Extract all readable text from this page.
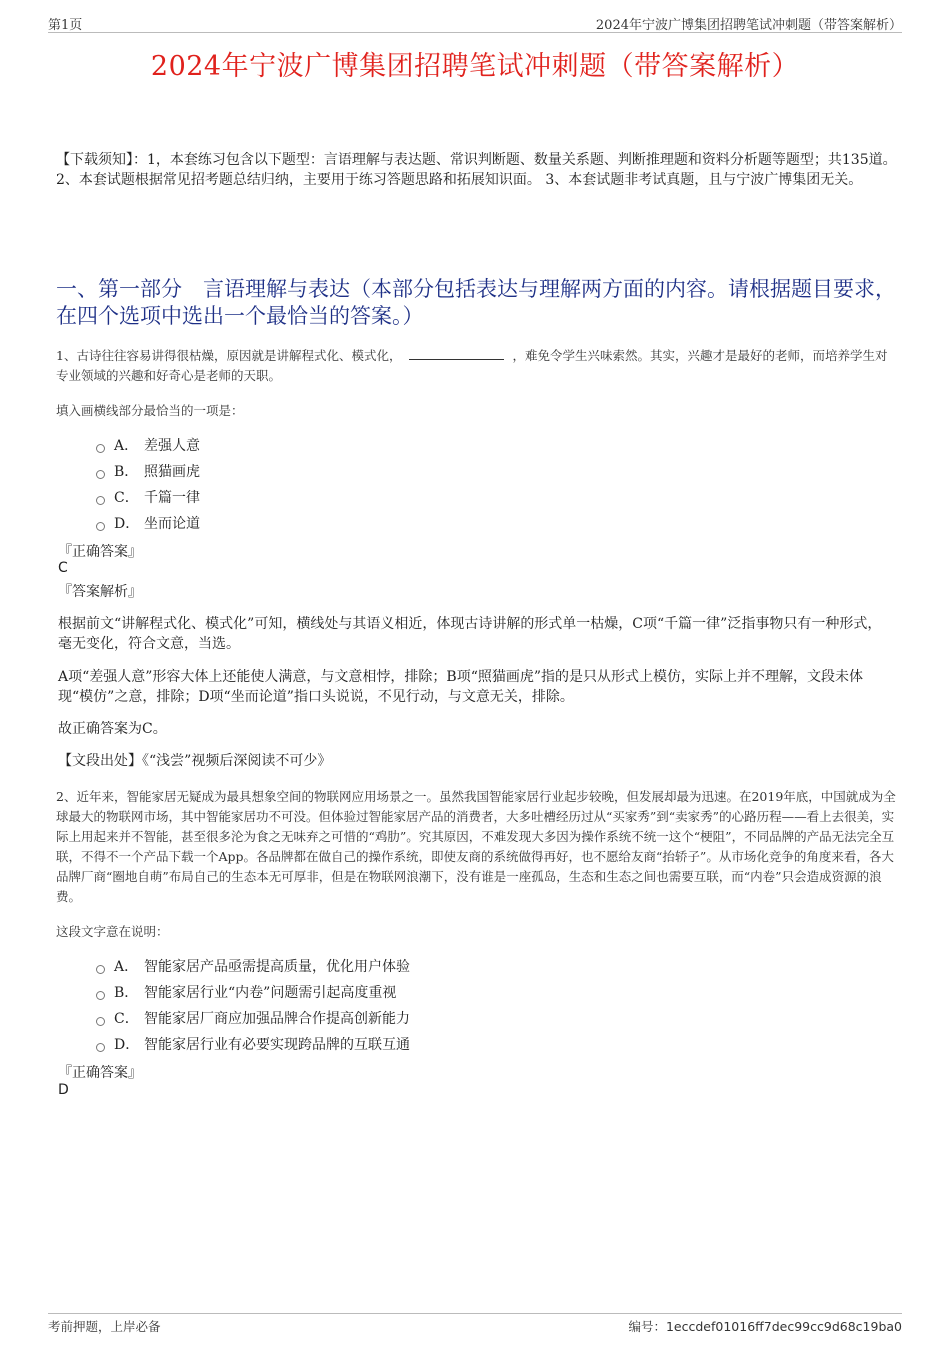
第1页	2024年宁波广博集团招聘笔试冲刺题（带答案解析）
2024年宁波广博集团招聘笔试冲刺题（带答案解析）
【下载须知】：1，本套练习包含以下题型：言语理解与表达题、常识判断题、数量关系题、判断推理题和资料分析题等题型；共135道。 2、本套试题根据常见招考题总结归纳，主要用于练习答题思路和拓展知识面。 3、本套试题非考试真题，且与宁波广博集团无关。
一、第一部分　言语理解与表达（本部分包括表达与理解两方面的内容。请根据题目要求，在四个选项中选出一个最恰当的答案。）
1、古诗往往容易讲得很枯燥，原因就是讲解程式化、模式化，	，难免令学生兴味索然。其实，兴趣才是最好的老师，而培养学生对专业领域的兴趣和好奇心是老师的天职。
填入画横线部分最恰当的一项是：
A． 差强人意
B． 照猫画虎
C． 千篇一律
D． 坐而论道
『正确答案』
C
『答案解析』
根据前文“讲解程式化、模式化”可知，横线处与其语义相近，体现古诗讲解的形式单一枯燥，C项“千篇一律”泛指事物只有一种形式，毫无变化，符合文意，当选。
A项“差强人意”形容大体上还能使人满意，与文意相悖，排除；B项“照猫画虎”指的是只从形式上模仿，实际上并不理解，文段未体现“模仿”之意，排除；D项“坐而论道”指口头说说，不见行动，与文意无关，排除。
故正确答案为C。
【文段出处】《“浅尝”视频后深阅读不可少》
2、近年来，智能家居无疑成为最具想象空间的物联网应用场景之一。虽然我国智能家居行业起步较晚，但发展却最为迅速。在2019年底，中国就成为全球最大的物联网市场，其中智能家居功不可没。但体验过智能家居产品的消费者，大多吐槽经历过从“买家秀”到“卖家秀”的心路历程——看上去很美，实际上用起来并不智能，甚至很多沦为食之无味弃之可惜的“鸡肋”。究其原因，不难发现大多因为操作系统不统一这个“梗阻”，不同品牌的产品无法完全互联，不得不一个产品下载一个App。各品牌都在做自己的操作系统，即使友商的系统做得再好，也不愿给友商“抬轿子”。从市场化竞争的角度来看，各大品牌厂商“圈地自萌”布局自己的生态本无可厚非，但是在物联网浪潮下，没有谁是一座孤岛，生态和生态之间也需要互联，而“内卷”只会造成资源的浪费。
这段文字意在说明：
A． 智能家居产品亟需提高质量，优化用户体验
B． 智能家居行业“内卷”问题需引起高度重视
C． 智能家居厂商应加强品牌合作提高创新能力
D． 智能家居行业有必要实现跨品牌的互联互通
『正确答案』
D
考前押题，上岸必备	编号：1eccdef01016ff7dec99cc9d68c19ba0
